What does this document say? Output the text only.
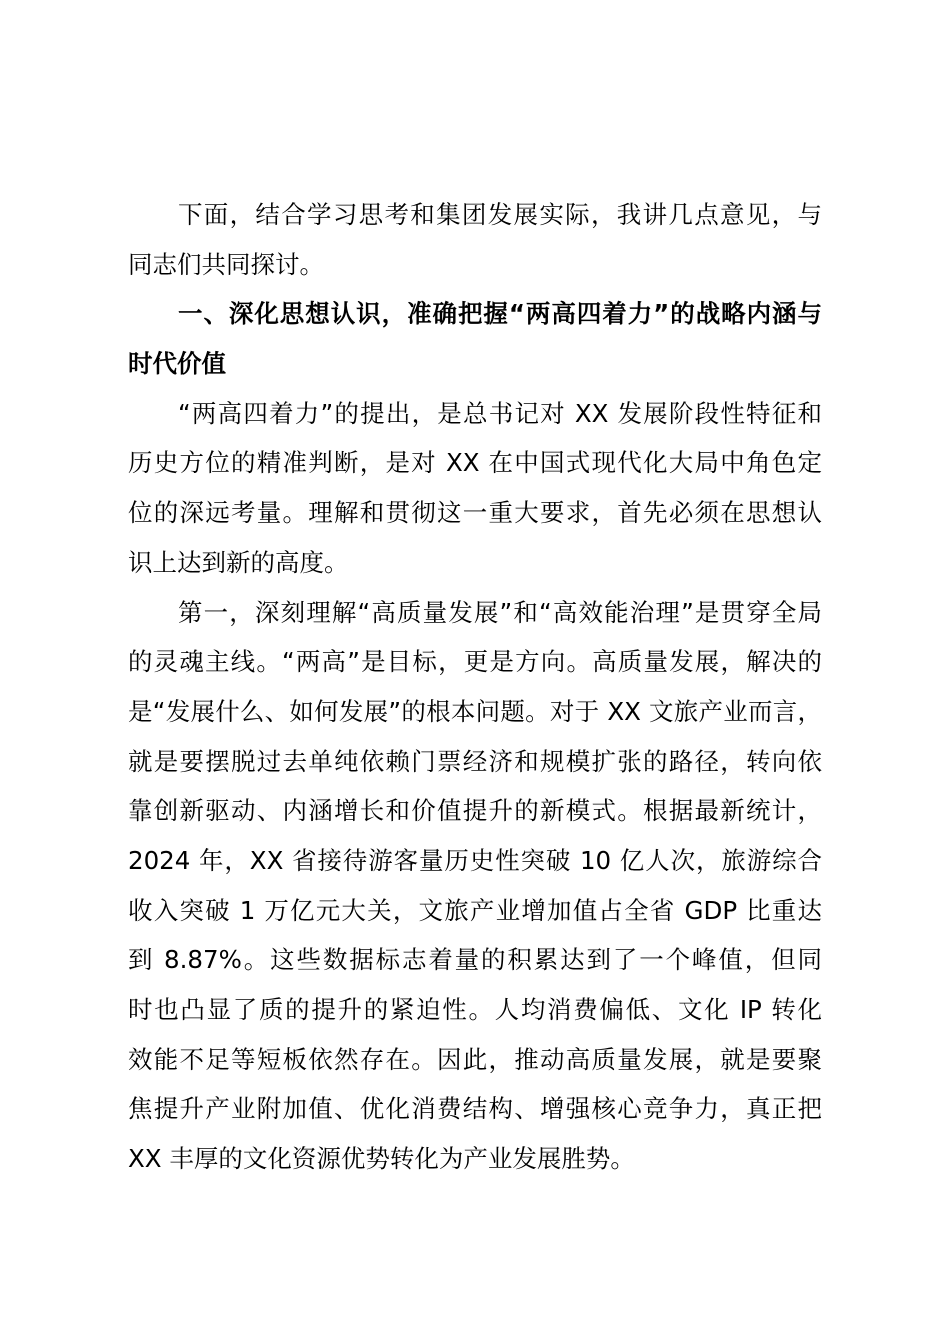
下面，结合学习思考和集团发展实际，我讲几点意见，与
同志们共同探讨。
一、深化思想认识，准确把握“两高四着力”的战略内涵与
时代价值
“两高四着力”的提出，是总书记对 XX 发展阶段性特征和
历史方位的精准判断，是对 XX 在中国式现代化大局中角色定
位的深远考量。理解和贯彻这一重大要求，首先必须在思想认
识上达到新的高度。
第一，深刻理解“高质量发展”和“高效能治理”是贯穿全局
的灵魂主线。“两高”是目标，更是方向。高质量发展，解决的
是“发展什么、如何发展”的根本问题。对于 XX 文旅产业而言，
就是要摆脱过去单纯依赖门票经济和规模扩张的路径，转向依
靠创新驱动、内涵增长和价值提升的新模式。根据最新统计，
2024 年，XX 省接待游客量历史性突破 10 亿人次，旅游综合
收入突破 1 万亿元大关，文旅产业增加值占全省 GDP 比重达
到 8.87%。这些数据标志着量的积累达到了一个峰值，但同
时也凸显了质的提升的紧迫性。人均消费偏低、文化 IP 转化
效能不足等短板依然存在。因此，推动高质量发展，就是要聚
焦提升产业附加值、优化消费结构、增强核心竞争力，真正把
XX 丰厚的文化资源优势转化为产业发展胜势。
